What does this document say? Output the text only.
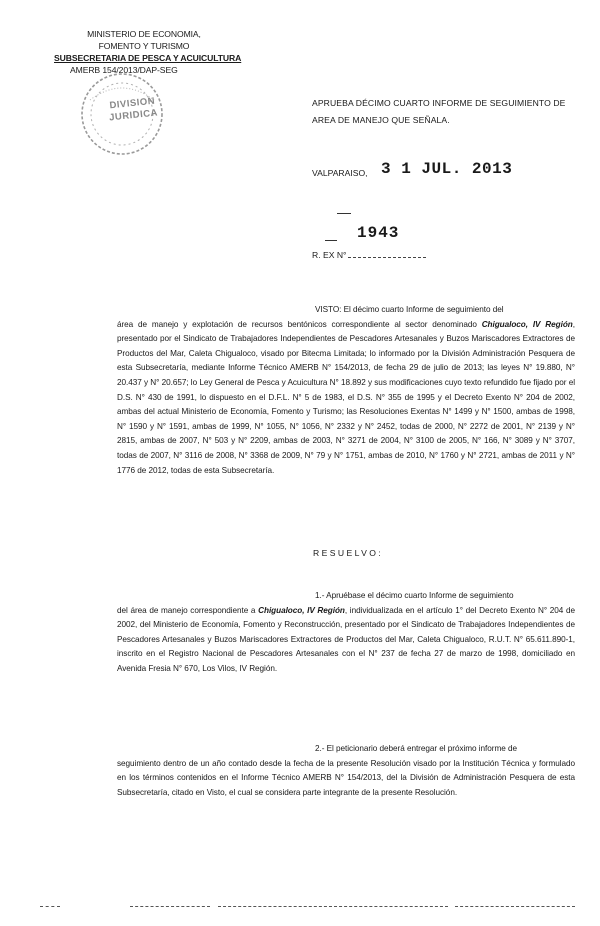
MINISTERIO DE ECONOMIA,
FOMENTO Y TURISMO
SUBSECRETARIA DE PESCA Y ACUICULTURA
AMERB 154/2013/DAP-SEG
DIVISION
JURIDICA
APRUEBA DÉCIMO CUARTO INFORME DE SEGUIMIENTO DE AREA DE MANEJO QUE SEÑALA.
VALPARAISO, 3 1 JUL. 2013
1943
R. EX N°
VISTO: El décimo cuarto Informe de seguimiento del
área de manejo y explotación de recursos bentónicos correspondiente al sector denominado Chigualoco, IV Región, presentado por el Sindicato de Trabajadores Independientes de Pescadores Artesanales y Buzos Mariscadores Extractores de Productos del Mar, Caleta Chigualoco, visado por Bitecma Limitada; lo informado por la División Administración Pesquera de esta Subsecretaría, mediante Informe Técnico AMERB N° 154/2013, de fecha 29 de julio de 2013; las leyes N° 19.880, N° 20.437 y N° 20.657; lo Ley General de Pesca y Acuicultura N° 18.892 y sus modificaciones cuyo texto refundido fue fijado por el D.S. N° 430 de 1991, lo dispuesto en el D.F.L. N° 5 de 1983, el D.S. N° 355 de 1995 y el Decreto Exento N° 204 de 2002, ambas del actual Ministerio de Economía, Fomento y Turismo; las Resoluciones Exentas N° 1499 y N° 1500, ambas de 1998, N° 1590 y N° 1591, ambas de 1999, N° 1055, N° 1056, N° 2332 y N° 2452, todas de 2000, N° 2272 de 2001, N° 2139 y N° 2815, ambas de 2007, N° 503 y N° 2209, ambas de 2003, N° 3271 de 2004, N° 3100 de 2005, N° 166, N° 3089 y N° 3707, todas de 2007, N° 3116 de 2008, N° 3368 de 2009, N° 79 y N° 1751, ambas de 2010, N° 1760 y N° 2721, ambas de 2011 y N° 1776 de 2012, todas de esta Subsecretaría.
RESUELVO:
1.- Apruébase el décimo cuarto Informe de seguimiento
del área de manejo correspondiente a Chigualoco, IV Región, individualizada en el artículo 1° del Decreto Exento N° 204 de 2002, del Ministerio de Economía, Fomento y Reconstrucción, presentado por el Sindicato de Trabajadores Independientes de Pescadores Artesanales y Buzos Mariscadores Extractores de Productos del Mar, Caleta Chigualoco, R.U.T. N° 65.611.890-1, inscrito en el Registro Nacional de Pescadores Artesanales con el N° 237 de fecha 27 de marzo de 1998, domiciliado en Avenida Fresia N° 670, Los Vilos, IV Región.
2.- El peticionario deberá entregar el próximo informe de
seguimiento dentro de un año contado desde la fecha de la presente Resolución visado por la Institución Técnica y formulado en los términos contenidos en el Informe Técnico AMERB N° 154/2013, del la División de Administración Pesquera de esta Subsecretaría, citado en Visto, el cual se considera parte integrante de la presente Resolución.
